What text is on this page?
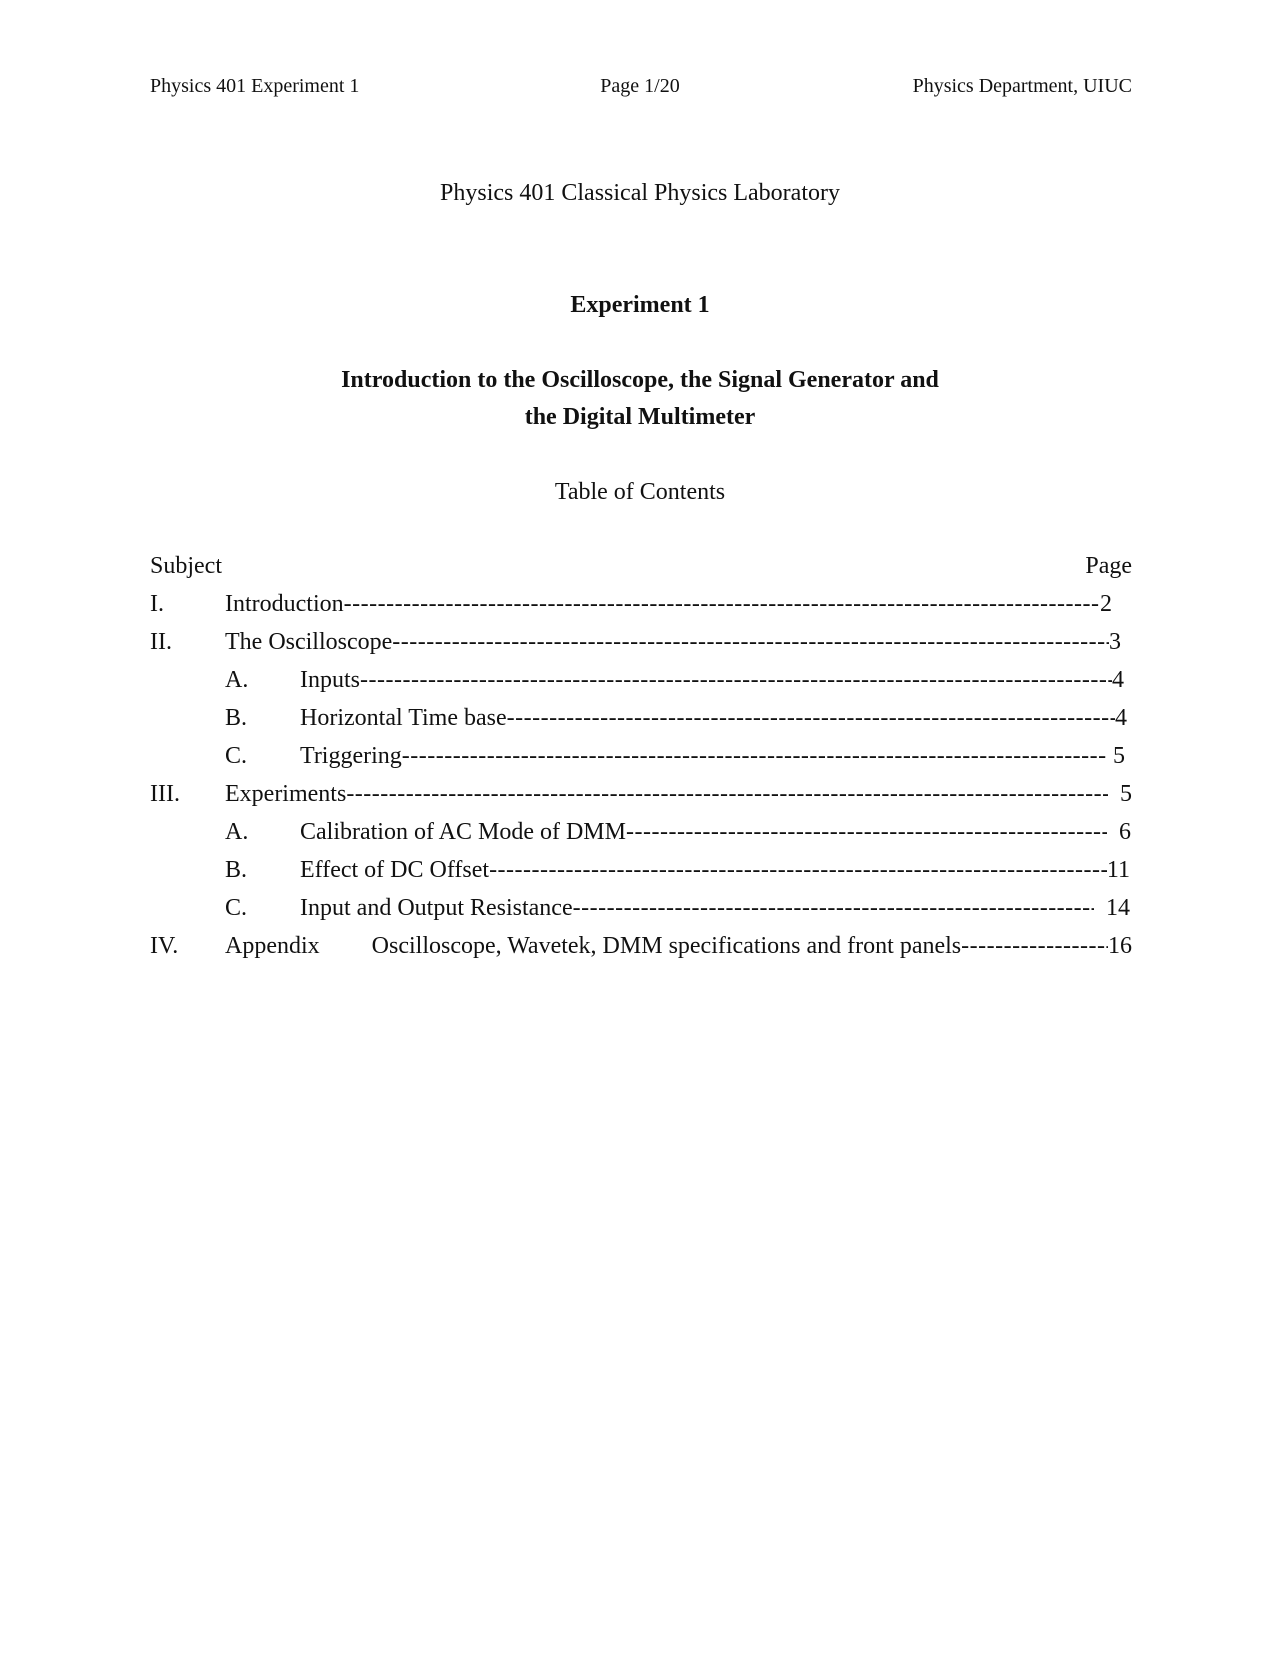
Physics 401 Experiment 1	Page 1/20	Physics Department, UIUC
Physics 401 Classical Physics Laboratory
Experiment 1
Introduction to the Oscilloscope, the Signal Generator and
the Digital Multimeter
Table of Contents
Subject	Page
I.	Introduction -----	2
II. The Oscilloscope -----	3
A. Inputs -----	4
B. Horizontal Time base -----	4
C. Triggering -----	5
III. Experiments -----	5
A. Calibration of AC Mode of DMM -----	6
B. Effect of DC Offset -----	11
C. Input and Output Resistance -----	14
IV. Appendix Oscilloscope, Wavetek, DMM specifications and front panels -----	16
